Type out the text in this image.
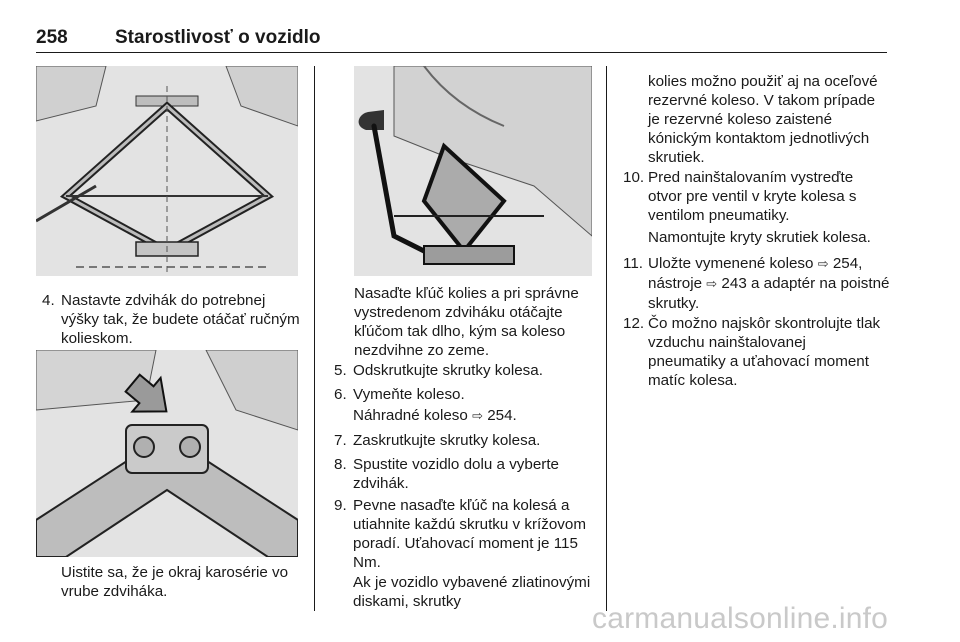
258 Starostlivosť o vozidlo
4. Nastavte zdvihák do potrebnej výšky tak, že budete otáčať ručným kolieskom.
Uistite sa, že je okraj karosérie vo vrube zdviháka.
Nasaďte kľúč kolies a pri správne vystredenom zdviháku otáčajte kľúčom tak dlho, kým sa koleso nezdvihne zo zeme.
5. Odskrutkujte skrutky kolesa.
6. Vymeňte koleso.
Náhradné koleso ⇨ 254.
7. Zaskrutkujte skrutky kolesa.
8. Spustite vozidlo dolu a vyberte zdvihák.
9. Pevne nasaďte kľúč na kolesá a utiahnite každú skrutku v krížovom poradí. Uťahovací moment je 115 Nm.
Ak je vozidlo vybavené zliatinovými diskami, skrutky
kolies možno použiť aj na oceľové rezervné koleso. V takom prípade je rezervné koleso zaistené kónickým kontaktom jednotlivých skrutiek.
10. Pred nainštalovaním vystreďte otvor pre ventil v kryte kolesa s ventilom pneumatiky.
Namontujte kryty skrutiek kolesa.
11. Uložte vymenené koleso ⇨ 254, nástroje ⇨ 243 a adaptér na poistné skrutky.
12. Čo možno najskôr skontrolujte tlak vzduchu nainštalovanej pneumatiky a uťahovací moment matíc kolesa.
carmanualsonline.info
